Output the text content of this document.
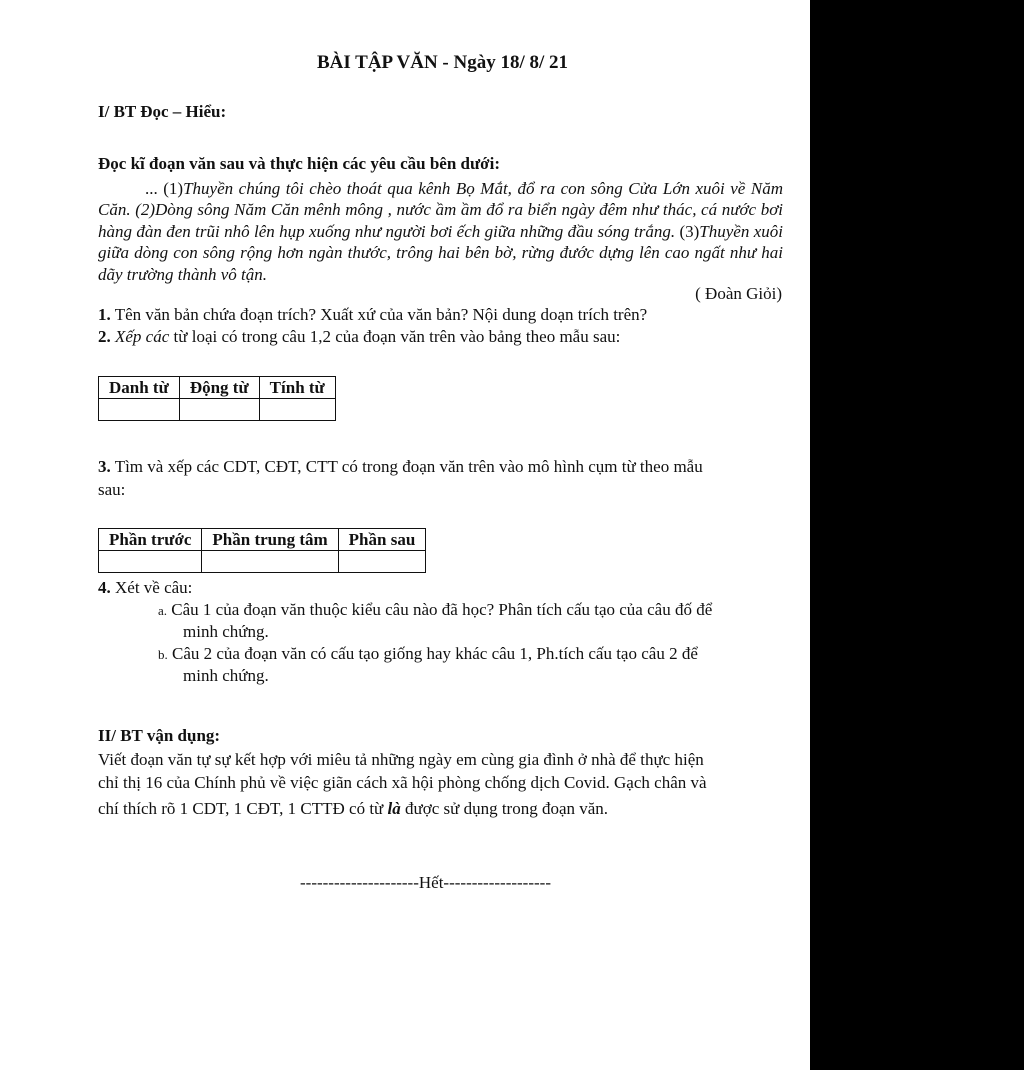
BÀI TẬP VĂN - Ngày 18/ 8/ 21
I/ BT Đọc – Hiểu:
Đọc kĩ đoạn văn sau và thực hiện các yêu cầu bên dưới:
... (1)Thuyền chúng tôi chèo thoát qua kênh Bọ Mắt, đổ ra con sông Cửa Lớn xuôi về Năm Căn. (2)Dòng sông Năm Căn mênh mông , nước ầm ầm đổ ra biển ngày đêm như thác, cá nước bơi hàng đàn đen trũi nhô lên hụp xuống như người bơi ếch giữa những đầu sóng trắng. (3)Thuyền xuôi giữa dòng con sông rộng hơn ngàn thước, trông hai bên bờ, rừng đước dựng lên cao ngất như hai dãy trường thành vô tận.
( Đoàn Giỏi)
1. Tên văn bản chứa đoạn trích? Xuất xứ của văn bản? Nội dung doạn trích trên?
2. Xếp các từ loại có trong câu 1,2 của đoạn văn trên vào bảng theo mẫu sau:
Danh từ	Động từ	Tính từ

3. Tìm và xếp các CDT, CĐT, CTT có trong đoạn văn trên vào mô hình cụm từ theo mẫu
sau:
Phần trước	Phần trung tâm	Phần sau

4. Xét về câu:
a. Câu 1 của đoạn văn thuộc kiểu câu nào đã học? Phân tích cấu tạo của câu đố để
minh chứng.
b. Câu 2 của đoạn văn có cấu tạo giống hay khác câu 1, Ph.tích cấu tạo câu 2 để
minh chứng.
II/ BT vận dụng:
Viết đoạn văn tự sự kết hợp với miêu tả những ngày em cùng gia đình ở nhà để thực hiện
chỉ thị 16 của Chính phủ về việc giãn cách xã hội phòng chống dịch Covid. Gạch chân và
chí thích rõ 1 CDT, 1 CĐT, 1 CTTĐ có từ là được sử dụng trong đoạn văn.
---------------------Hết-------------------
